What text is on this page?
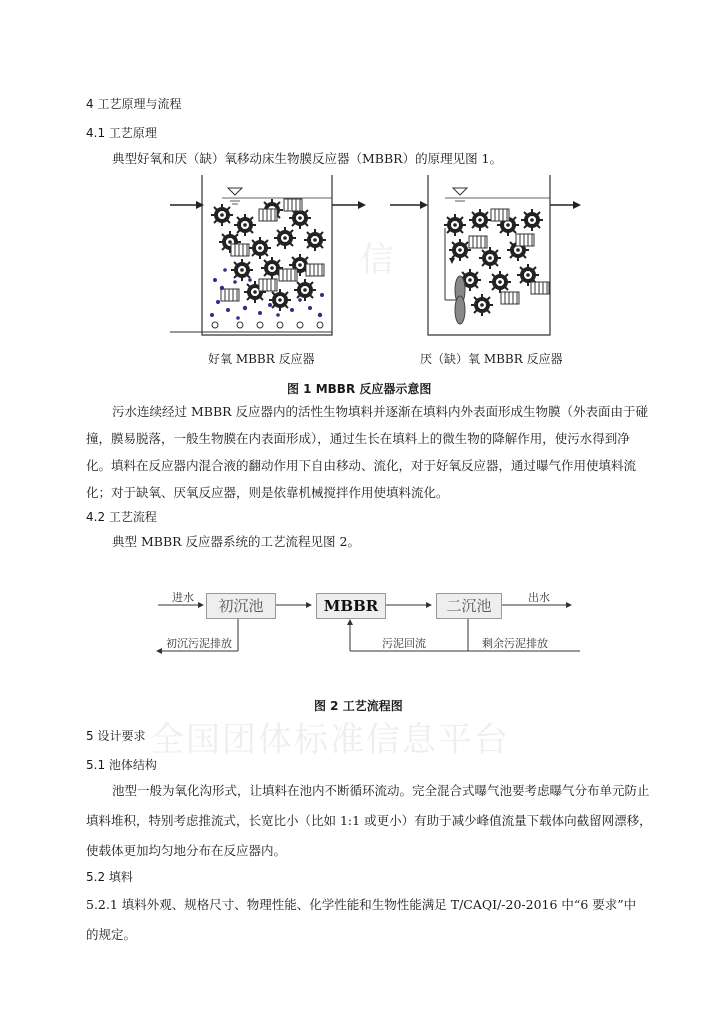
全国团体标准信息平台
信
4 工艺原理与流程
4.1 工艺原理
典型好氧和厌（缺）氧移动床生物膜反应器（MBBR）的原理见图 1。
好氧 MBBR 反应器	厌（缺）氧 MBBR 反应器
图 1 MBBR 反应器示意图
污水连续经过 MBBR 反应器内的活性生物填料并逐渐在填料内外表面形成生物膜（外表面由于碰
撞，膜易脱落，一般生物膜在内表面形成），通过生长在填料上的微生物的降解作用，使污水得到净
化。填料在反应器内混合液的翻动作用下自由移动、流化，对于好氧反应器，通过曝气作用使填料流
化；对于缺氧、厌氧反应器，则是依靠机械搅拌作用使填料流化。
4.2 工艺流程
典型 MBBR 反应器系统的工艺流程见图 2。
初沉池	MBBR	二沉池
进水	出水
初沉污泥排放	污泥回流	剩余污泥排放
图 2 工艺流程图
5 设计要求
5.1 池体结构
池型一般为氧化沟形式，让填料在池内不断循环流动。完全混合式曝气池要考虑曝气分布单元防止
填料堆积，特别考虑推流式，长宽比小（比如 1:1 或更小）有助于减少峰值流量下载体向截留网漂移，
使载体更加均匀地分布在反应器内。
5.2 填料
5.2.1 填料外观、规格尺寸、物理性能、化学性能和生物性能满足 T/CAQI/-20-2016 中“6 要求”中
的规定。
